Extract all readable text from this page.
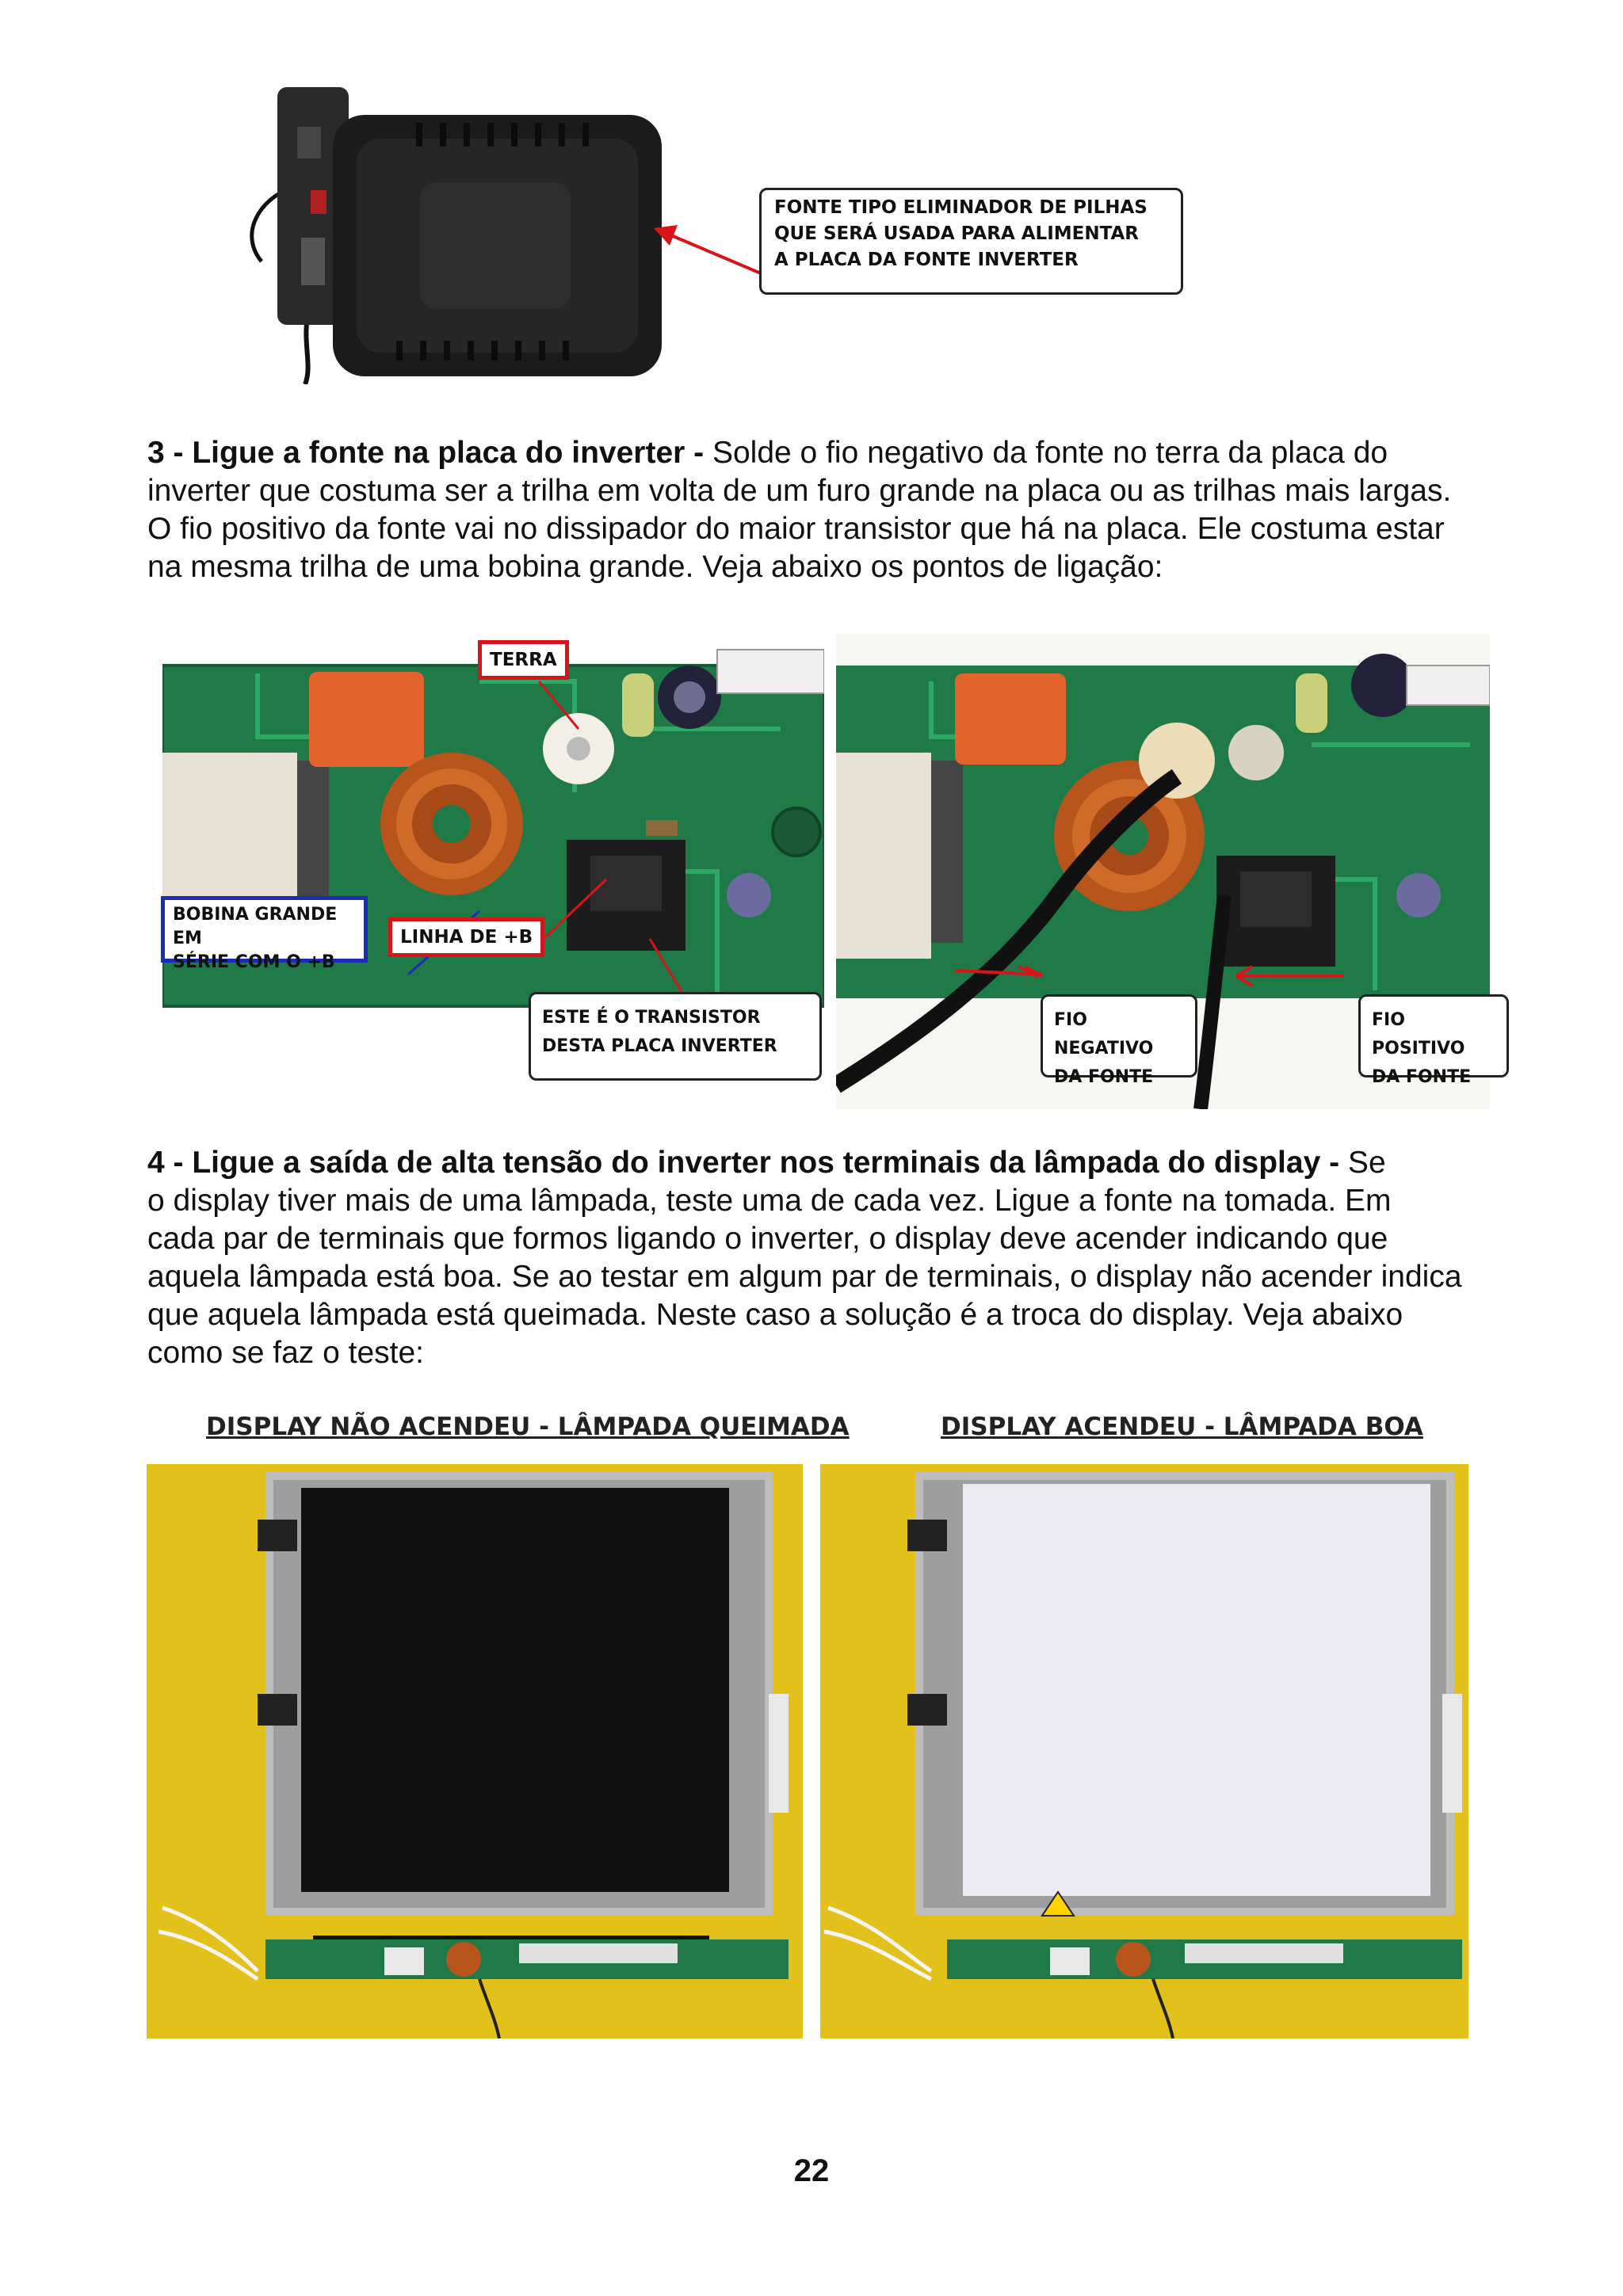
FONTE TIPO ELIMINADOR DE PILHAS
QUE SERÁ USADA PARA ALIMENTAR
A PLACA DA FONTE INVERTER
3 - Ligue a fonte na placa do inverter - Solde o fio negativo da fonte no terra da placa do
inverter que costuma ser a trilha em volta de um furo grande na placa ou as trilhas mais largas.
O fio positivo da fonte vai no dissipador do maior transistor que há na placa. Ele costuma estar
na mesma trilha de uma bobina grande. Veja abaixo os pontos de ligação:
TERRA
BOBINA GRANDE EM
SÉRIE COM O +B
LINHA DE +B
ESTE É O TRANSISTOR
DESTA PLACA INVERTER
FIO NEGATIVO
DA FONTE
FIO POSITIVO
DA FONTE
4 - Ligue a saída de alta tensão do inverter nos terminais da lâmpada do display - Se
o display tiver mais de uma lâmpada, teste uma de cada vez. Ligue a fonte na tomada. Em
cada par de terminais que formos ligando o inverter, o display deve acender indicando que
aquela lâmpada está boa. Se ao testar em algum par de terminais, o display não acender indica
que aquela lâmpada está queimada. Neste caso a solução é a troca do display. Veja abaixo
como se faz o teste:
DISPLAY NÃO ACENDEU - LÂMPADA QUEIMADA	DISPLAY ACENDEU - LÂMPADA BOA
22
